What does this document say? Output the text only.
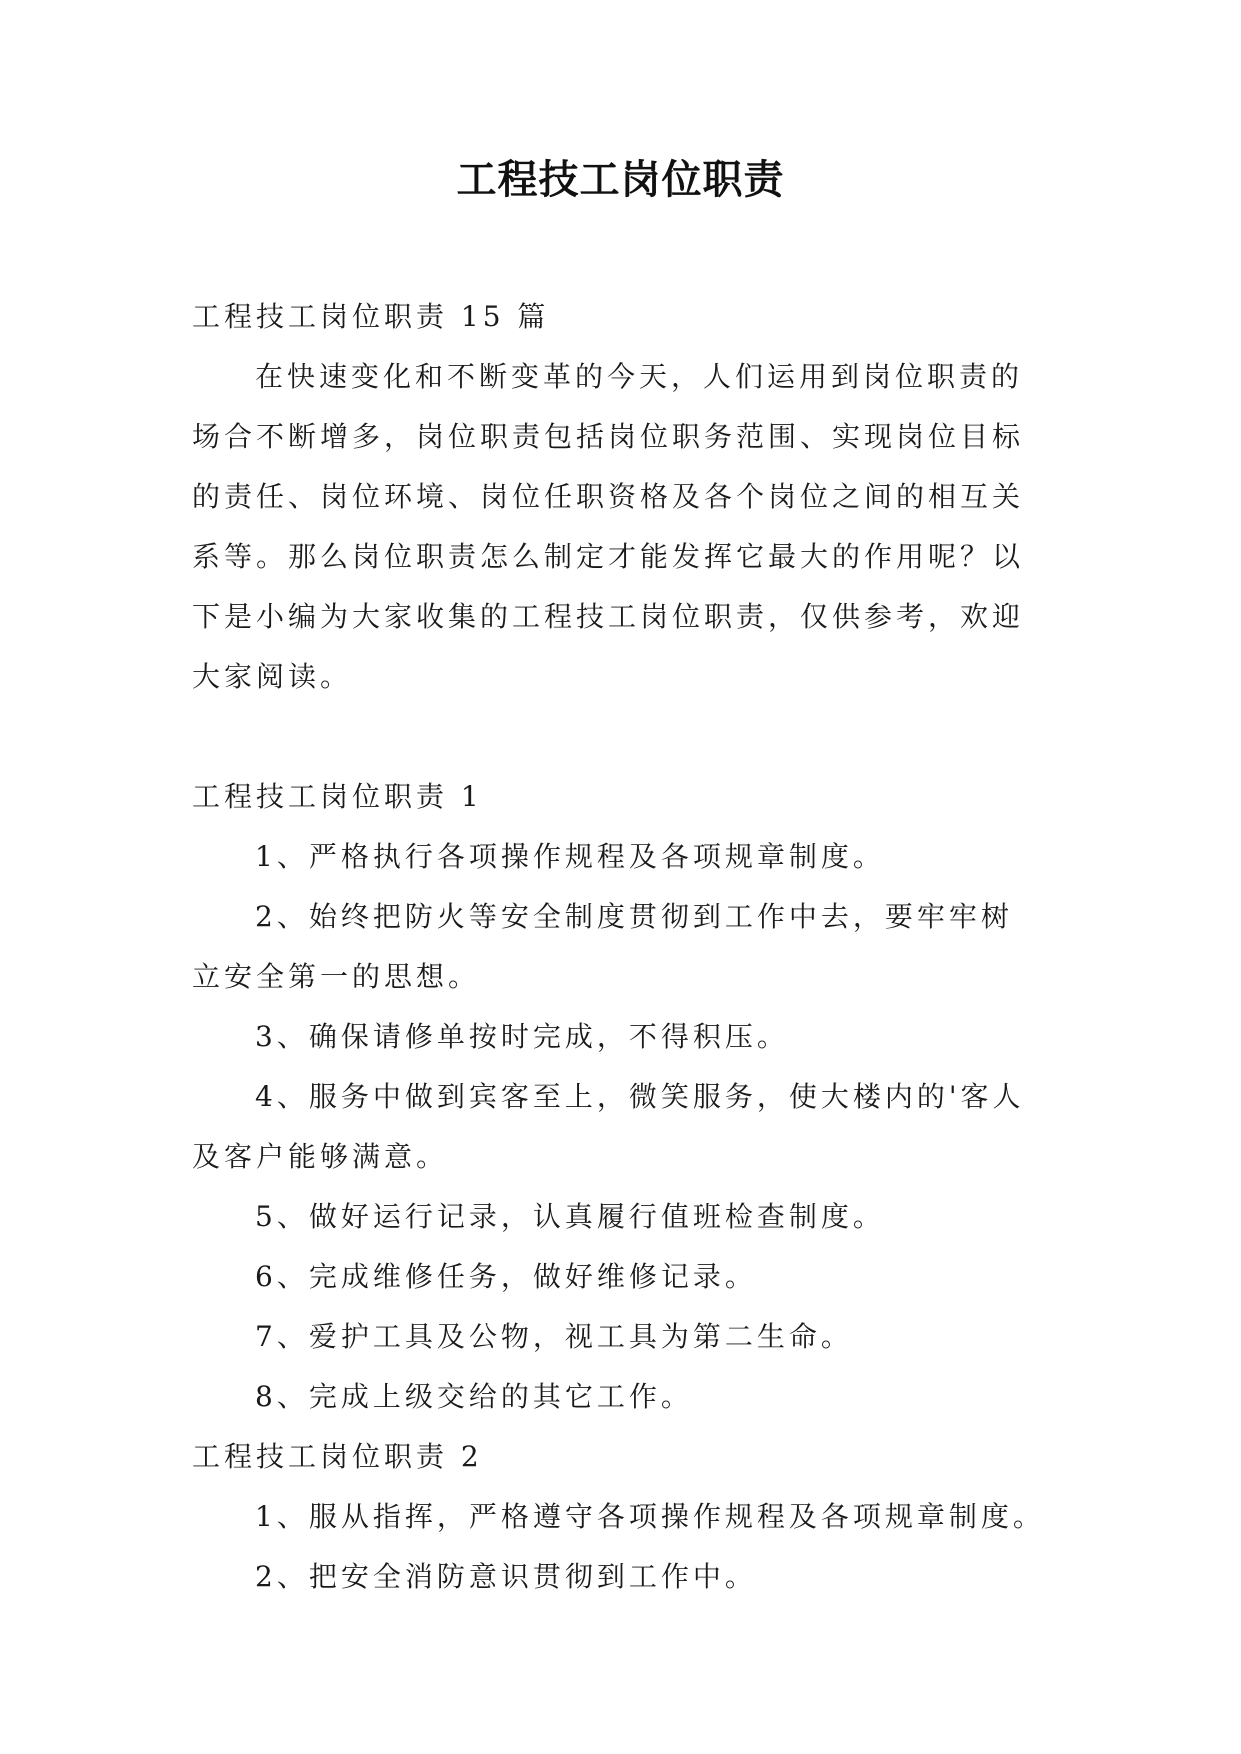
工程技工岗位职责

工程技工岗位职责 15 篇

在快速变化和不断变革的今天，人们运用到岗位职责的

场合不断增多，岗位职责包括岗位职务范围、实现岗位目标

的责任、岗位环境、岗位任职资格及各个岗位之间的相互关

系等。那么岗位职责怎么制定才能发挥它最大的作用呢？以

下是小编为大家收集的工程技工岗位职责，仅供参考，欢迎

大家阅读。

工程技工岗位职责 1

1、严格执行各项操作规程及各项规章制度。

2、始终把防火等安全制度贯彻到工作中去，要牢牢树

立安全第一的思想。

3、确保请修单按时完成，不得积压。

4、服务中做到宾客至上，微笑服务，使大楼内的'客人

及客户能够满意。

5、做好运行记录，认真履行值班检查制度。

6、完成维修任务，做好维修记录。

7、爱护工具及公物，视工具为第二生命。

8、完成上级交给的其它工作。

工程技工岗位职责 2

1、服从指挥，严格遵守各项操作规程及各项规章制度。

2、把安全消防意识贯彻到工作中。
